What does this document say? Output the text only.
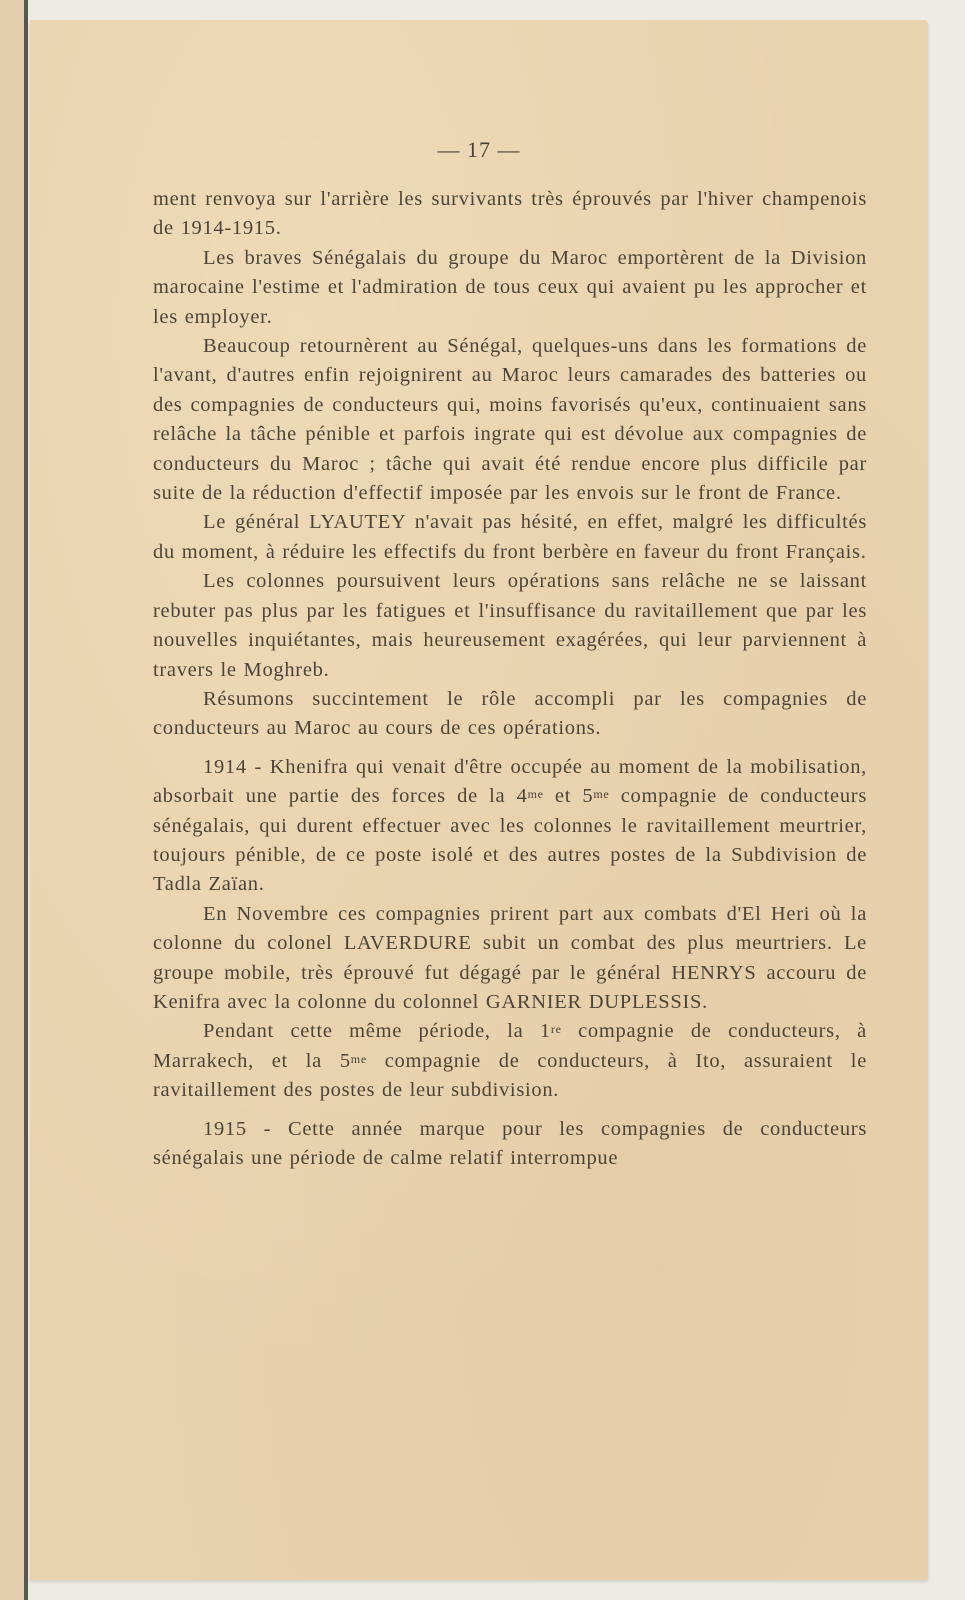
— 17 —

ment renvoya sur l'arrière les survivants très éprouvés par l'hiver champenois de 1914-1915.

Les braves Sénégalais du groupe du Maroc emportèrent de la Division marocaine l'estime et l'admiration de tous ceux qui avaient pu les approcher et les employer.

Beaucoup retournèrent au Sénégal, quelques-uns dans les formations de l'avant, d'autres enfin rejoignirent au Maroc leurs camarades des batteries ou des compagnies de conducteurs qui, moins favorisés qu'eux, continuaient sans relâche la tâche pénible et parfois ingrate qui est dévolue aux compagnies de conducteurs du Maroc ; tâche qui avait été rendue encore plus difficile par suite de la réduction d'effectif imposée par les envois sur le front de France.

Le général LYAUTEY n'avait pas hésité, en effet, malgré les difficultés du moment, à réduire les effectifs du front berbère en faveur du front Français.

Les colonnes poursuivent leurs opérations sans relâche ne se laissant rebuter pas plus par les fatigues et l'insuffisance du ravitaillement que par les nouvelles inquiétantes, mais heureusement exagérées, qui leur parviennent à travers le Moghreb.

Résumons succintement le rôle accompli par les compagnies de conducteurs au Maroc au cours de ces opérations.

1914 - Khenifra qui venait d'être occupée au moment de la mobilisation, absorbait une partie des forces de la $4^{me}$ et $5^{me}$ compagnie de conducteurs sénégalais, qui durent effectuer avec les colonnes le ravitaillement meurtrier, toujours pénible, de ce poste isolé et des autres postes de la Subdivision de Tadla Zaïan.

En Novembre ces compagnies prirent part aux combats d'El Heri où la colonne du colonel LAVERDURE subit un combat des plus meurtriers. Le groupe mobile, très éprouvé fut dégagé par le général HENRYS accouru de Kenifra avec la colonne du colonnel GARNIER DUPLESSIS.

Pendant cette même période, la 1re compagnie de conducteurs, à Marrakech, et la $5^{me}$ compagnie de conducteurs, à Ito, assuraient le ravitaillement des postes de leur subdivision.

1915 - Cette année marque pour les compagnies de conducteurs sénégalais une période de calme relatif interrompue
